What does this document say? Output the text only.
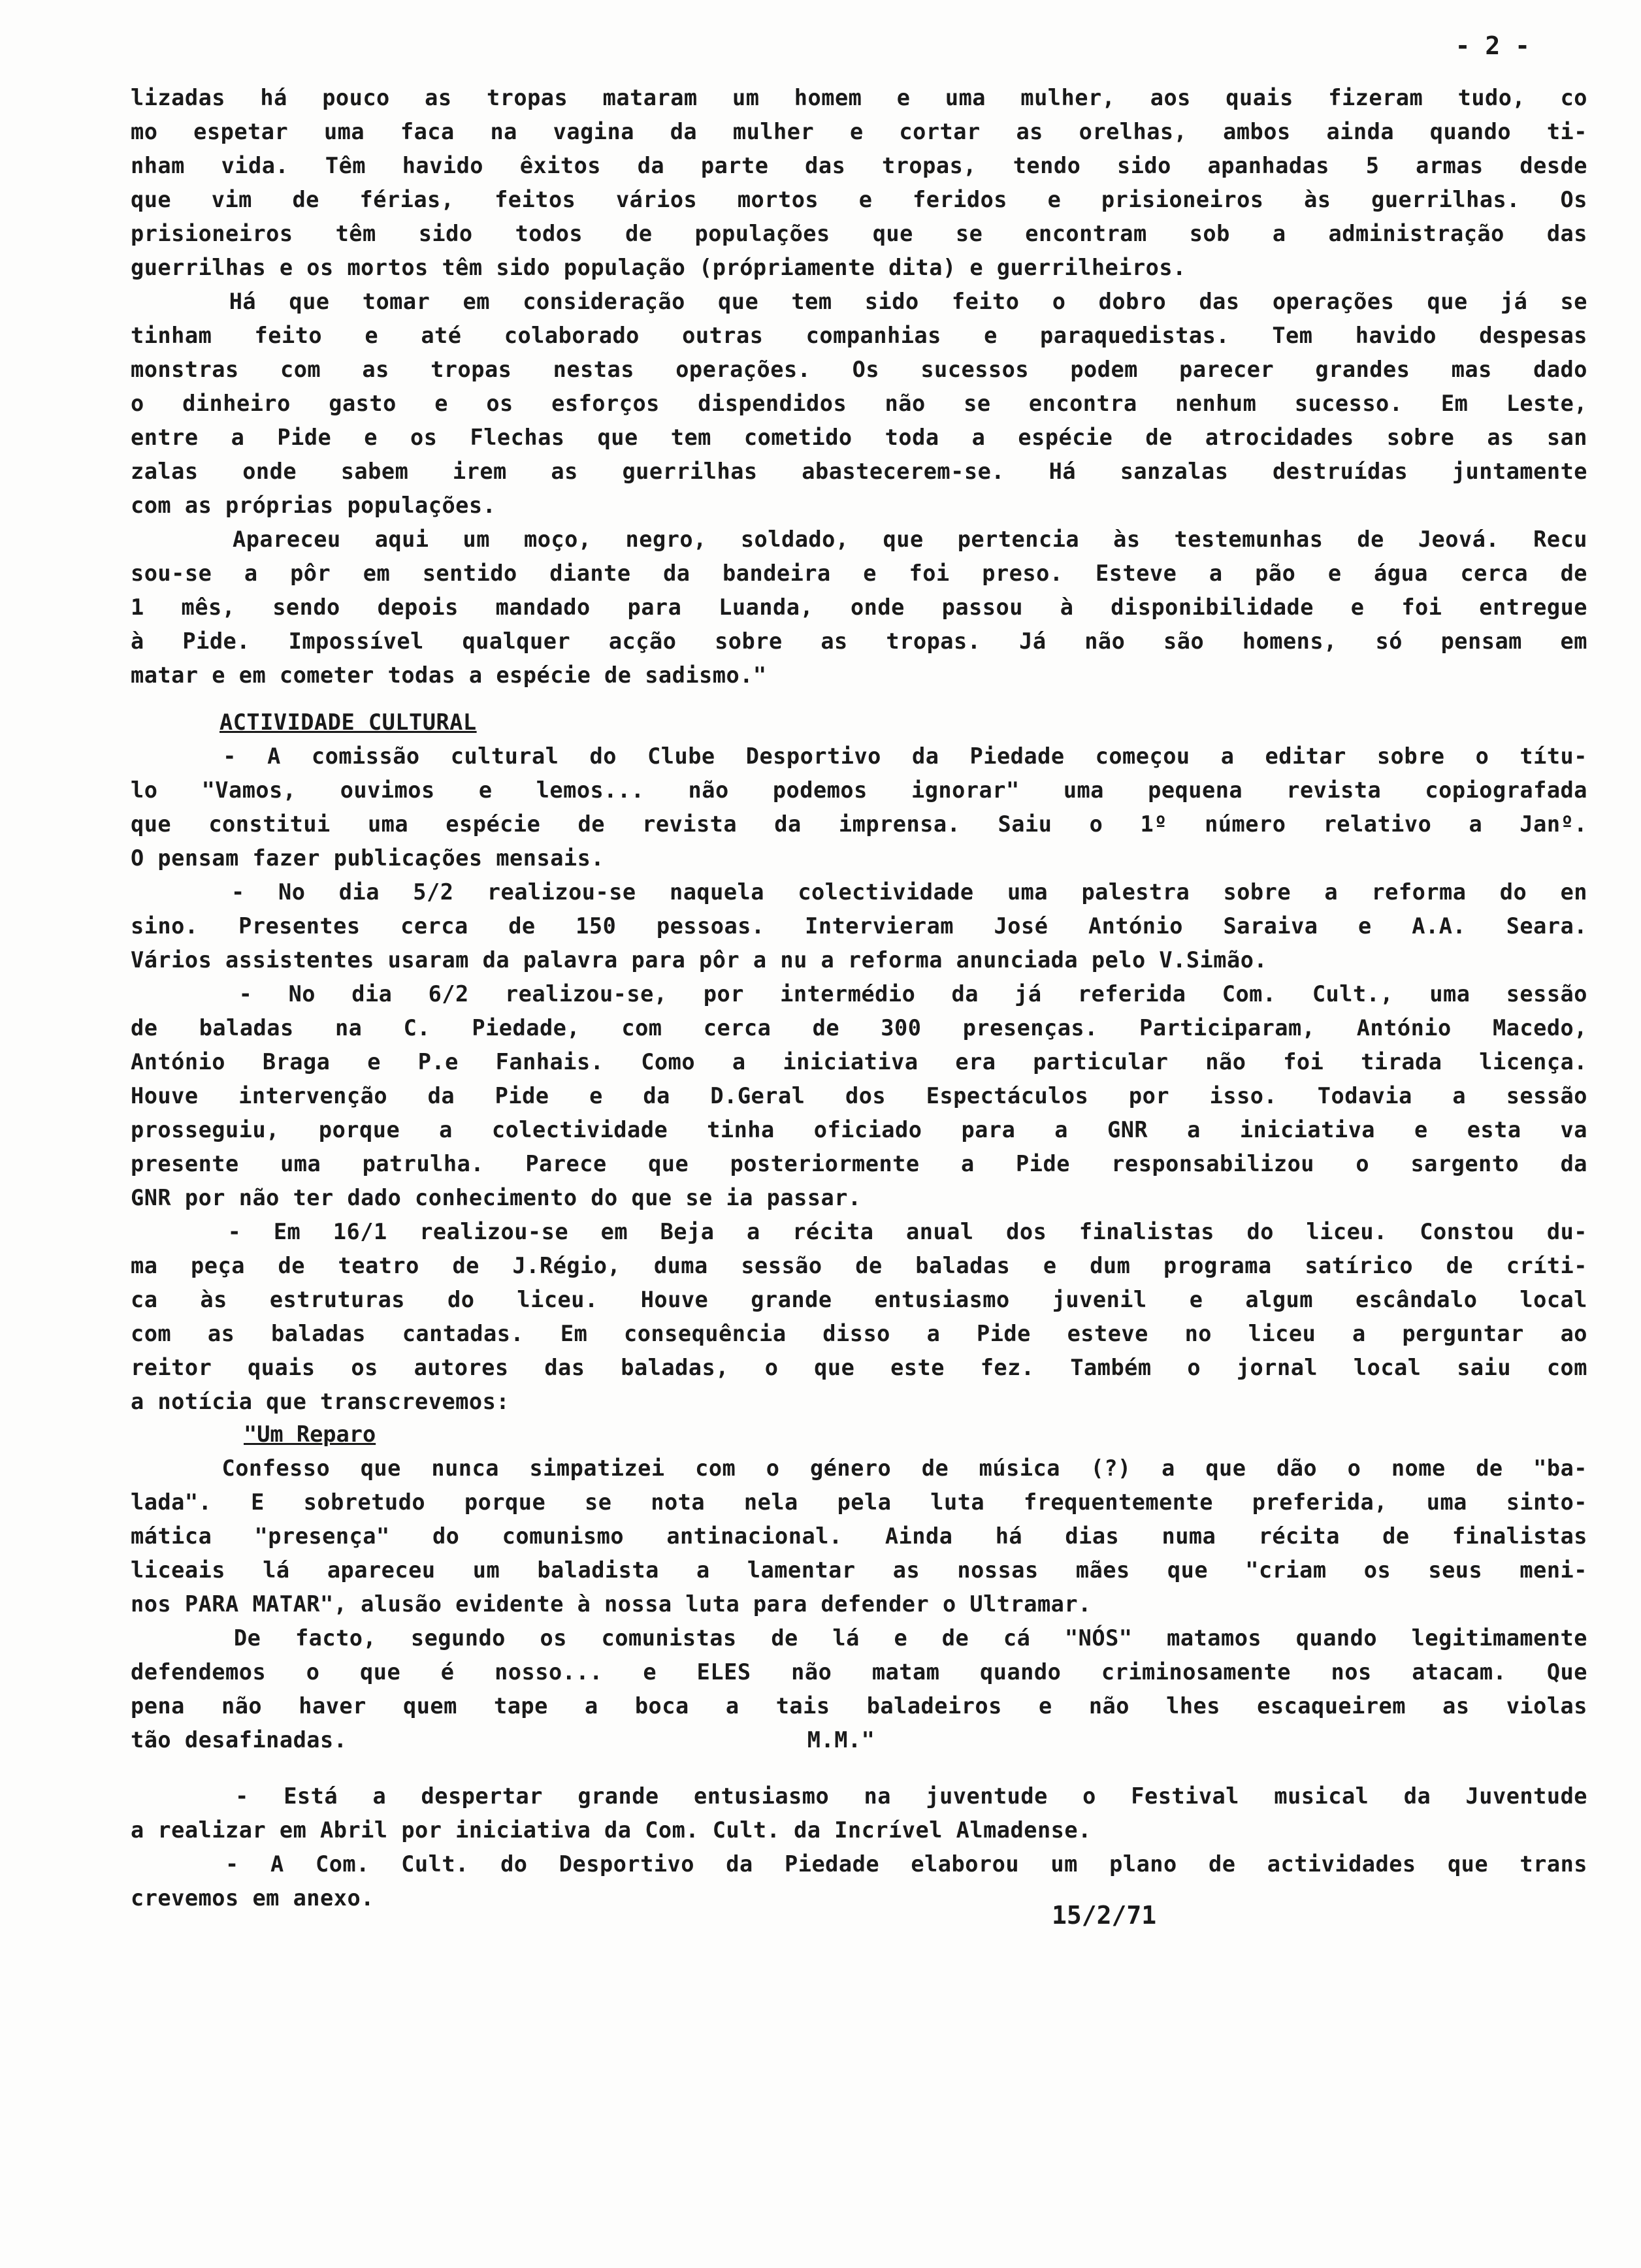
- 2 -
lizadas há pouco as tropas mataram um homem e uma mulher, aos quais fizeram tudo, co
mo espetar uma faca na vagina da mulher e cortar as orelhas, ambos ainda quando ti-
nham vida. Têm havido êxitos da parte das tropas, tendo sido apanhadas 5 armas desde
que vim de férias, feitos vários mortos e feridos e prisioneiros às guerrilhas. Os
prisioneiros têm sido todos de populações que se encontram sob a administração das
guerrilhas e os mortos têm sido população (própriamente dita) e guerrilheiros.
Há que tomar em consideração que tem sido feito o dobro das operações que já se
tinham feito e até colaborado outras companhias e paraquedistas. Tem havido despesas
monstras com as tropas nestas operações. Os sucessos podem parecer grandes mas dado
o dinheiro gasto e os esforços dispendidos não se encontra nenhum sucesso. Em Leste,
entre a Pide e os Flechas que tem cometido toda a espécie de atrocidades sobre as san
zalas onde sabem irem as guerrilhas abastecerem-se. Há sanzalas destruídas juntamente
com as próprias populações.
Apareceu aqui um moço, negro, soldado, que pertencia às testemunhas de Jeová. Recu
sou-se a pôr em sentido diante da bandeira e foi preso. Esteve a pão e água cerca de
1 mês, sendo depois mandado para Luanda, onde passou à disponibilidade e foi entregue
à Pide. Impossível qualquer acção sobre as tropas. Já não são homens, só pensam em
matar e em cometer todas a espécie de sadismo."
ACTIVIDADE CULTURAL
- A comissão cultural do Clube Desportivo da Piedade começou a editar sobre o títu-
lo "Vamos, ouvimos e lemos... não podemos ignorar" uma pequena revista copiografada
que constitui uma espécie de revista da imprensa. Saiu o 1º número relativo a Janº.
O pensam fazer publicações mensais.
- No dia 5/2 realizou-se naquela colectividade uma palestra sobre a reforma do en
sino. Presentes cerca de 150 pessoas. Intervieram José António Saraiva e A.A. Seara.
Vários assistentes usaram da palavra para pôr a nu a reforma anunciada pelo V.Simão.
- No dia 6/2 realizou-se, por intermédio da já referida Com. Cult., uma sessão
de baladas na C. Piedade, com cerca de 300 presenças. Participaram, António Macedo,
António Braga e P.e Fanhais. Como a iniciativa era particular não foi tirada licença.
Houve intervenção da Pide e da D.Geral dos Espectáculos por isso. Todavia a sessão
prosseguiu, porque a colectividade tinha oficiado para a GNR a iniciativa e esta va
presente uma patrulha. Parece que posteriormente a Pide responsabilizou o sargento da
GNR por não ter dado conhecimento do que se ia passar.
- Em 16/1 realizou-se em Beja a récita anual dos finalistas do liceu. Constou du-
ma peça de teatro de J.Régio, duma sessão de baladas e dum programa satírico de críti-
ca às estruturas do liceu. Houve grande entusiasmo juvenil e algum escândalo local
com as baladas cantadas. Em consequência disso a Pide esteve no liceu a perguntar ao
reitor quais os autores das baladas, o que este fez. Também o jornal local saiu com
a notícia que transcrevemos:
"Um Reparo
Confesso que nunca simpatizei com o género de música (?) a que dão o nome de "ba-
lada". E sobretudo porque se nota nela pela luta frequentemente preferida, uma sinto-
mática "presença" do comunismo antinacional. Ainda há dias numa récita de finalistas
liceais lá apareceu um baladista a lamentar as nossas mães que "criam os seus meni-
nos PARA MATAR", alusão evidente à nossa luta para defender o Ultramar.
De facto, segundo os comunistas de lá e de cá "NÓS" matamos quando legitimamente
defendemos o que é nosso... e ELES não matam quando criminosamente nos atacam. Que
pena não haver quem tape a boca a tais baladeiros e não lhes escaqueirem as violas
tão desafinadas.                                  M.M."
- Está a despertar grande entusiasmo na juventude o Festival musical da Juventude
a realizar em Abril por iniciativa da Com. Cult. da Incrível Almadense.
- A Com. Cult. do Desportivo da Piedade elaborou um plano de actividades que trans
crevemos em anexo.
15/2/71
